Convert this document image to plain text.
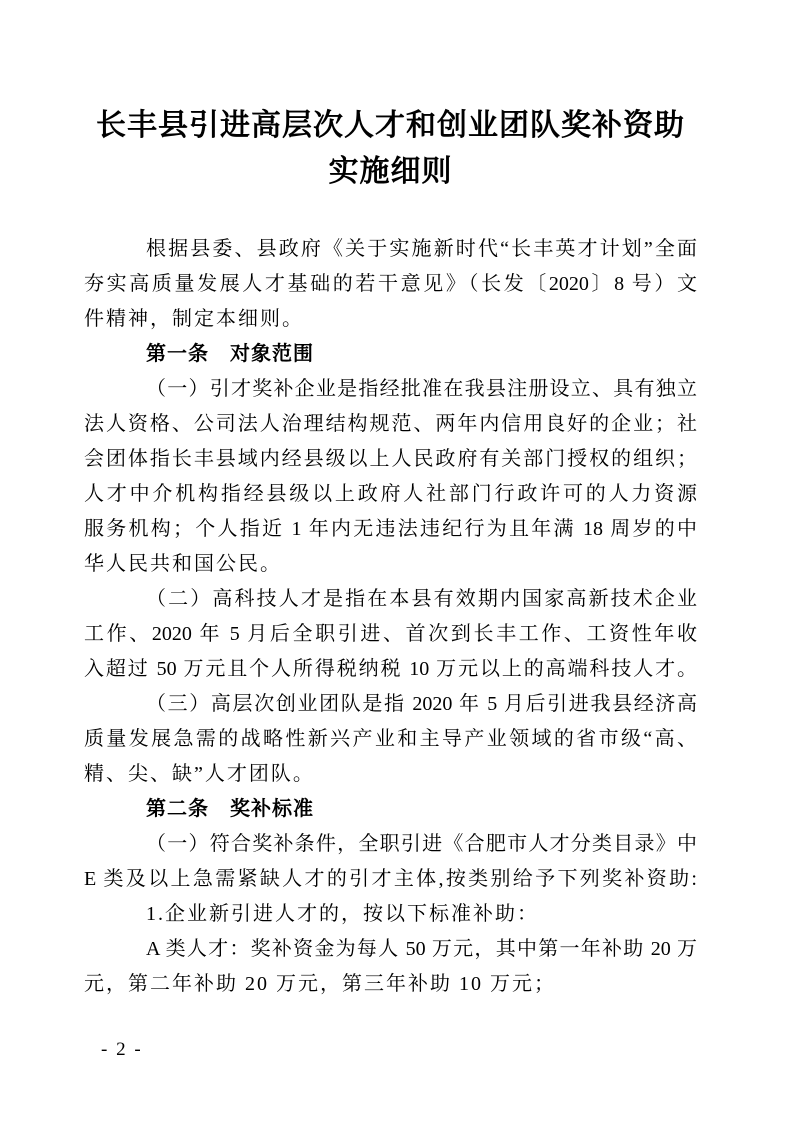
长丰县引进高层次人才和创业团队奖补资助
实施细则
根据县委、县政府《关于实施新时代“长丰英才计划”全面
夯实高质量发展人才基础的若干意见》（长发〔2020〕8 号）文
件精神，制定本细则。
第一条　对象范围
（一）引才奖补企业是指经批准在我县注册设立、具有独立
法人资格、公司法人治理结构规范、两年内信用良好的企业；社
会团体指长丰县域内经县级以上人民政府有关部门授权的组织；
人才中介机构指经县级以上政府人社部门行政许可的人力资源
服务机构；个人指近 1 年内无违法违纪行为且年满 18 周岁的中
华人民共和国公民。
（二）高科技人才是指在本县有效期内国家高新技术企业
工作、2020 年 5 月后全职引进、首次到长丰工作、工资性年收
入超过 50 万元且个人所得税纳税 10 万元以上的高端科技人才。
（三）高层次创业团队是指 2020 年 5 月后引进我县经济高
质量发展急需的战略性新兴产业和主导产业领域的省市级“高、
精、尖、缺”人才团队。
第二条　奖补标准
（一）符合奖补条件，全职引进《合肥市人才分类目录》中
E 类及以上急需紧缺人才的引才主体,按类别给予下列奖补资助:
1.企业新引进人才的，按以下标准补助：
A 类人才：奖补资金为每人 50 万元，其中第一年补助 20 万
元，第二年补助 20 万元，第三年补助 10 万元；
- 2 -
